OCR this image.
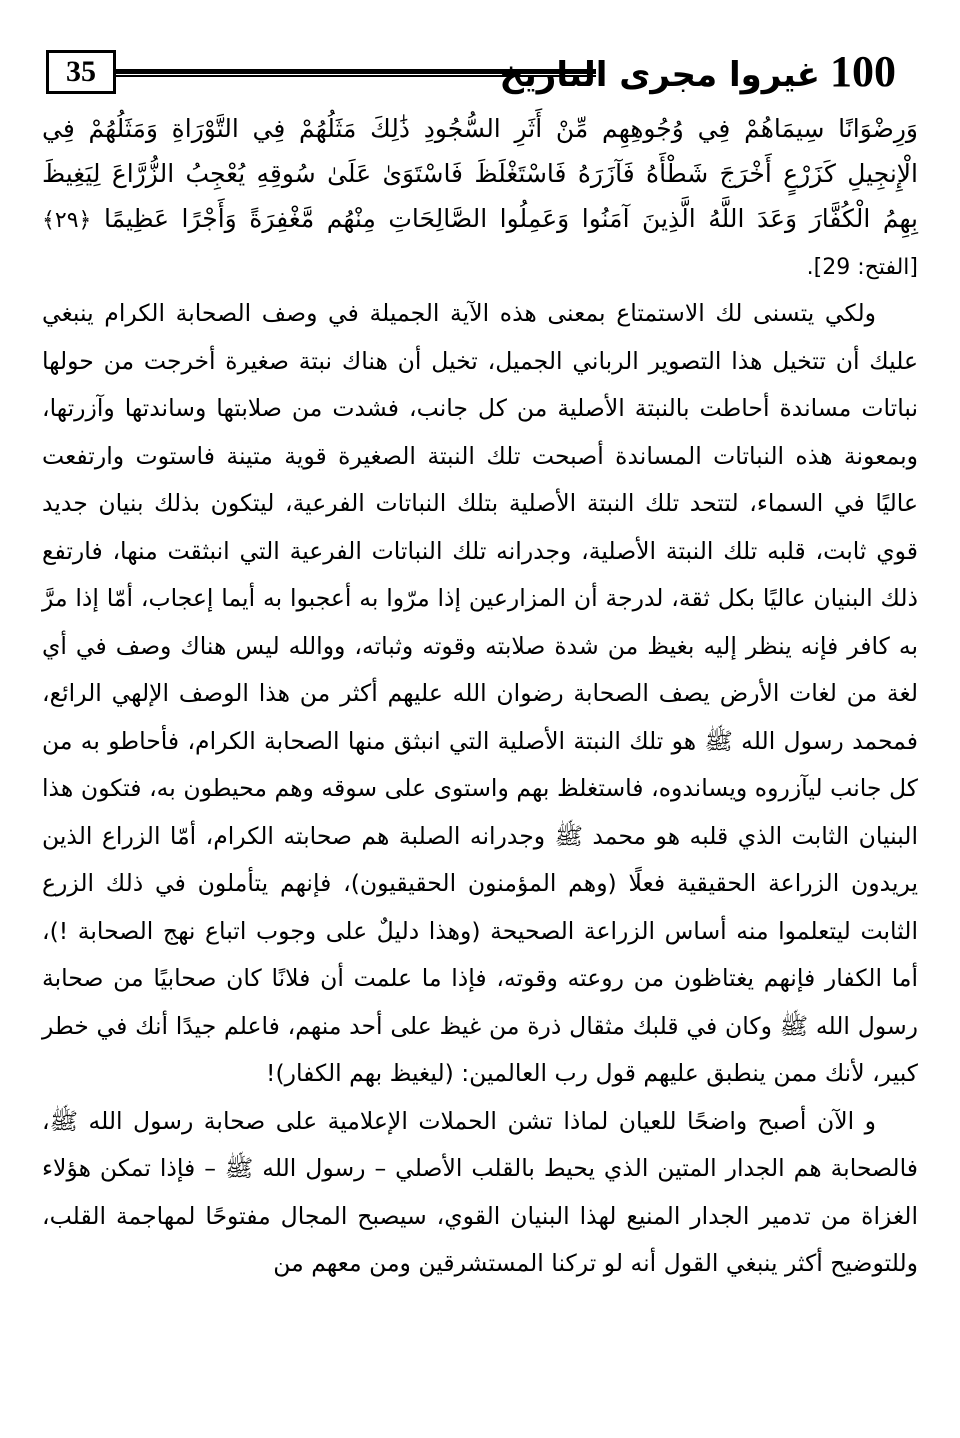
35	100غيروا مجرى التاريخ

وَرِضْوَانًا سِيمَاهُمْ فِي وُجُوهِهِم مِّنْ أَثَرِ السُّجُودِ ذَٰلِكَ مَثَلُهُمْ فِي التَّوْرَاةِ وَمَثَلُهُمْ فِي الْإِنجِيلِ كَزَرْعٍ أَخْرَجَ شَطْأَهُ فَآزَرَهُ فَاسْتَغْلَظَ فَاسْتَوَىٰ عَلَىٰ سُوقِهِ يُعْجِبُ الزُّرَّاعَ لِيَغِيظَ بِهِمُ الْكُفَّارَ وَعَدَ اللَّهُ الَّذِينَ آمَنُوا وَعَمِلُوا الصَّالِحَاتِ مِنْهُم مَّغْفِرَةً وَأَجْرًا عَظِيمًا ﴿٢٩﴾ [الفتح: 29].

ولكي يتسنى لك الاستمتاع بمعنى هذه الآية الجميلة في وصف الصحابة الكرام ينبغي عليك أن تتخيل هذا التصوير الرباني الجميل، تخيل أن هناك نبتة صغيرة أخرجت من حولها نباتات مساندة أحاطت بالنبتة الأصلية من كل جانب، فشدت من صلابتها وساندتها وآزرتها، وبمعونة هذه النباتات المساندة أصبحت تلك النبتة الصغيرة قوية متينة فاستوت وارتفعت عاليًا في السماء، لتتحد تلك النبتة الأصلية بتلك النباتات الفرعية، ليتكون بذلك بنيان جديد قوي ثابت، قلبه تلك النبتة الأصلية، وجدرانه تلك النباتات الفرعية التي انبثقت منها، فارتفع ذلك البنيان عاليًا بكل ثقة، لدرجة أن المزارعين إذا مرّوا به أعجبوا به أيما إعجاب، أمّا إذا مرَّ به كافر فإنه ينظر إليه بغيظ من شدة صلابته وقوته وثباته، ووالله ليس هناك وصف في أي لغة من لغات الأرض يصف الصحابة رضوان الله عليهم أكثر من هذا الوصف الإلهي الرائع، فمحمد رسول الله ﷺ هو تلك النبتة الأصلية التي انبثق منها الصحابة الكرام، فأحاطو به من كل جانب ليآزروه ويساندوه، فاستغلظ بهم واستوى على سوقه وهم محيطون به، فتكون هذا البنيان الثابت الذي قلبه هو محمد ﷺ وجدرانه الصلبة هم صحابته الكرام، أمّا الزراع الذين يريدون الزراعة الحقيقية فعلًا (وهم المؤمنون الحقيقيون)، فإنهم يتأملون في ذلك الزرع الثابت ليتعلموا منه أساس الزراعة الصحيحة (وهذا دليلٌ على وجوب اتباع نهج الصحابة !)، أما الكفار فإنهم يغتاظون من روعته وقوته، فإذا ما علمت أن فلانًا كان صحابيًا من صحابة رسول الله ﷺ وكان في قلبك مثقال ذرة من غيظ على أحد منهم، فاعلم جيدًا أنك في خطر كبير، لأنك ممن ينطبق عليهم قول رب العالمين: (ليغيظ بهم الكفار)!

و الآن أصبح واضحًا للعيان لماذا تشن الحملات الإعلامية على صحابة رسول الله ﷺ، فالصحابة هم الجدار المتين الذي يحيط بالقلب الأصلي – رسول الله ﷺ – فإذا تمكن هؤلاء الغزاة من تدمير الجدار المنيع لهذا البنيان القوي، سيصبح المجال مفتوحًا لمهاجمة القلب، وللتوضيح أكثر ينبغي القول أنه لو تركنا المستشرقين ومن معهم من
